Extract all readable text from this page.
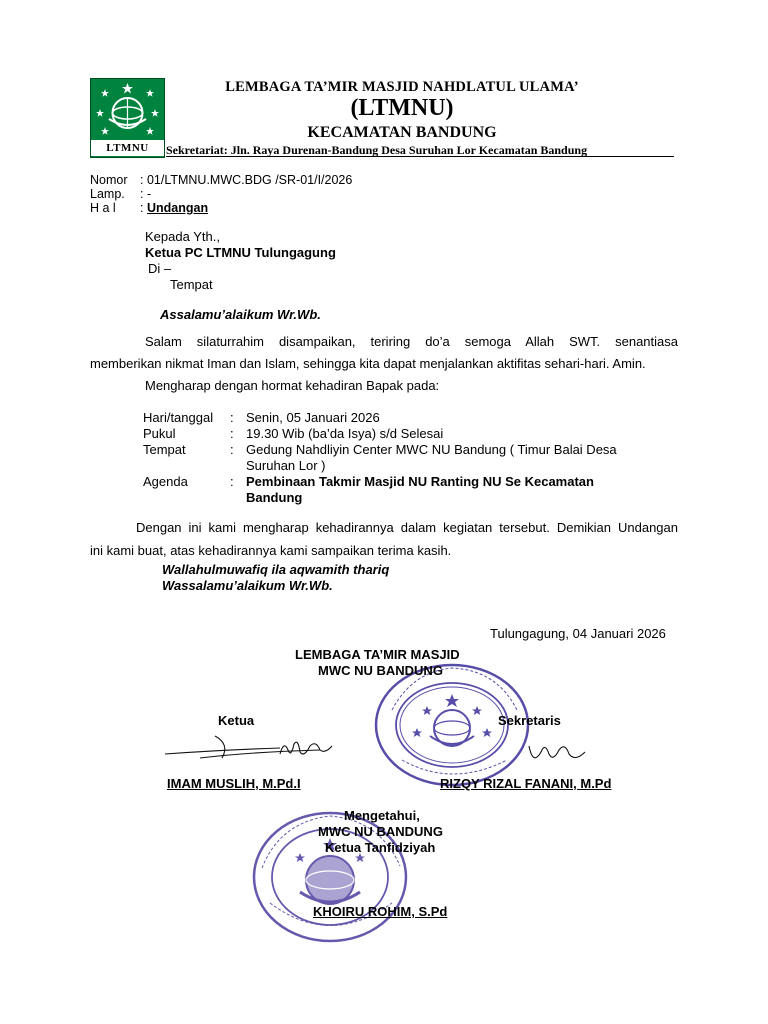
LTMNU
LEMBAGA TA’MIR MASJID NAHDLATUL ULAMA’
(LTMNU)
KECAMATAN BANDUNG
Sekretariat: Jln. Raya Durenan-Bandung Desa Suruhan Lor Kecamatan Bandung
Nomor : 01/LTMNU.MWC.BDG /SR-01/I/2026
Lamp. : -
H a l : Undangan
Kepada Yth.,
Ketua PC LTMNU Tulungagung
Di –
Tempat
Assalamu’alaikum Wr.Wb.
Salam silaturrahim disampaikan, teriring do’a semoga Allah SWT. senantiasa
memberikan nikmat Iman dan Islam, sehingga kita dapat menjalankan aktifitas sehari-hari. Amin.
Mengharap dengan hormat kehadiran Bapak pada:
Hari/tanggal : Senin, 05 Januari 2026
Pukul	: 19.30 Wib (ba’da Isya) s/d Selesai
Tempat	: Gedung Nahdliyin Center MWC NU Bandung ( Timur Balai Desa Suruhan Lor )
Agenda	: Pembinaan Takmir Masjid NU Ranting NU Se Kecamatan Bandung
Dengan ini kami mengharap kehadirannya dalam kegiatan tersebut. Demikian Undangan
ini kami buat, atas kehadirannya kami sampaikan terima kasih.
Wallahulmuwafiq ila aqwamith thariq
Wassalamu’alaikum Wr.Wb.
Tulungagung, 04 Januari 2026
LEMBAGA TA’MIR MASJID
MWC NU BANDUNG
Ketua	Sekretaris
IMAM MUSLIH, M.Pd.I	RIZQY RIZAL FANANI, M.Pd
Mengetahui,
MWC NU BANDUNG
Ketua Tanfidziyah
KHOIRU ROHIM, S.Pd
